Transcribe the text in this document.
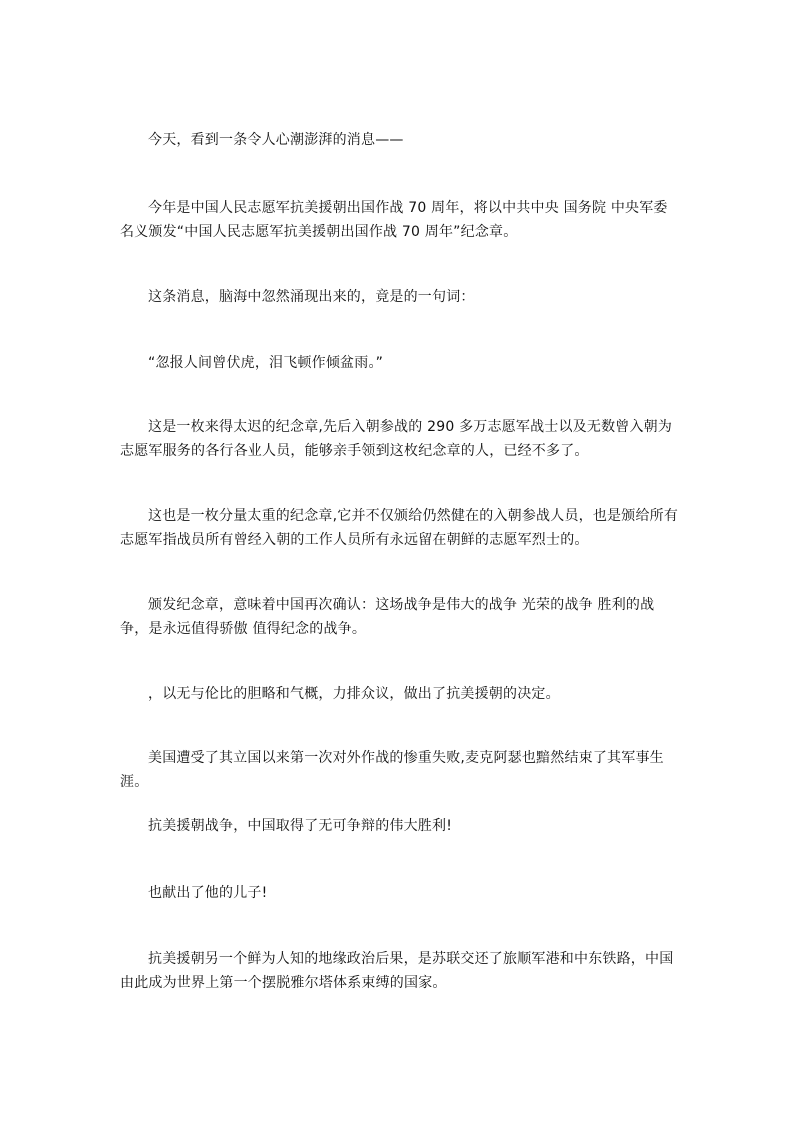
今天，看到一条令人心潮澎湃的消息——

今年是中国人民志愿军抗美援朝出国作战 70 周年，将以中共中央 国务院 中央军委名义颁发“中国人民志愿军抗美援朝出国作战 70 周年”纪念章。

这条消息，脑海中忽然涌现出来的，竟是的一句词：

“忽报人间曾伏虎，泪飞顿作倾盆雨。”

这是一枚来得太迟的纪念章,先后入朝参战的 290 多万志愿军战士以及无数曾入朝为志愿军服务的各行各业人员，能够亲手领到这枚纪念章的人，已经不多了。

这也是一枚分量太重的纪念章,它并不仅颁给仍然健在的入朝参战人员，也是颁给所有志愿军指战员所有曾经入朝的工作人员所有永远留在朝鲜的志愿军烈士的。

颁发纪念章，意味着中国再次确认：这场战争是伟大的战争 光荣的战争 胜利的战争，是永远值得骄傲 值得纪念的战争。

，以无与伦比的胆略和气概，力排众议，做出了抗美援朝的决定。

美国遭受了其立国以来第一次对外作战的惨重失败,麦克阿瑟也黯然结束了其军事生涯。

抗美援朝战争，中国取得了无可争辩的伟大胜利!

也献出了他的儿子!

抗美援朝另一个鲜为人知的地缘政治后果，是苏联交还了旅顺军港和中东铁路，中国由此成为世界上第一个摆脱雅尔塔体系束缚的国家。
